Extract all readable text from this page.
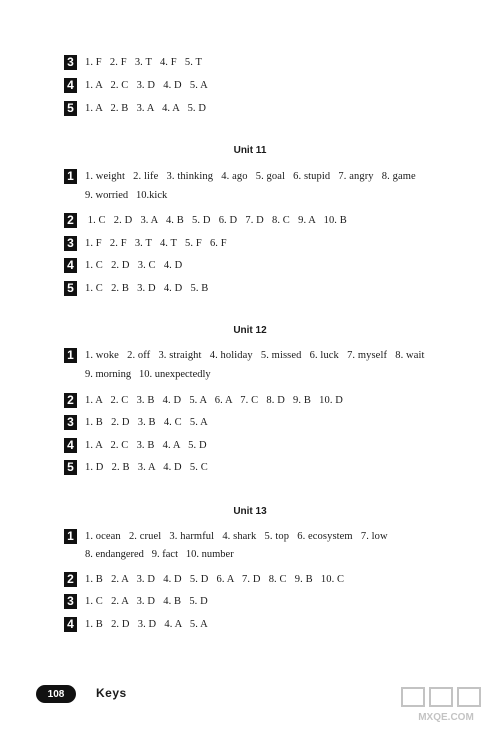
3	1. F   2. F   3. T   4. F   5. T
4	1. A   2. C   3. D   4. D   5. A
5	1. A   2. B   3. A   4. A   5. D
Unit 11
1	1. weight   2. life   3. thinking   4. ago   5. goal   6. stupid   7. angry   8. game
9. worried   10.kick
2	1. C   2. D   3. A   4. B   5. D   6. D   7. D   8. C   9. A   10. B
3	1. F   2. F   3. T   4. T   5. F   6. F
4	1. C   2. D   3. C   4. D
5	1. C   2. B   3. D   4. D   5. B
Unit 12
1	1. woke   2. off   3. straight   4. holiday   5. missed   6. luck   7. myself   8. wait
9. morning   10. unexpectedly
2	1. A   2. C   3. B   4. D   5. A   6. A   7. C   8. D   9. B   10. D
3	1. B   2. D   3. B   4. C   5. A
4	1. A   2. C   3. B   4. A   5. D
5	1. D   2. B   3. A   4. D   5. C
Unit 13
1	1. ocean   2. cruel   3. harmful   4. shark   5. top   6. ecosystem   7. low
8. endangered   9. fact   10. number
2	1. B   2. A   3. D   4. D   5. D   6. A   7. D   8. C   9. B   10. C
3	1. C   2. A   3. D   4. B   5. D
4	1. B   2. D   3. D   4. A   5. A
108	Keys
MXQE.COM
